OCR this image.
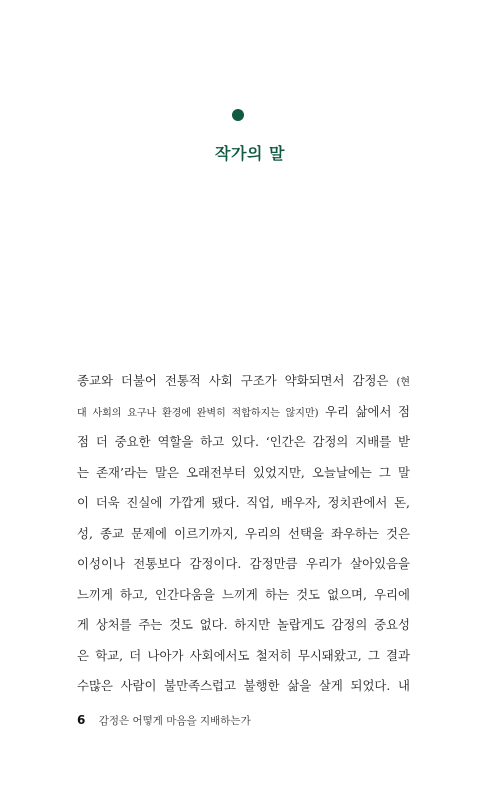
작가의 말
종교와 더불어 전통적 사회 구조가 약화되면서 감정은 (현
대 사회의 요구나 환경에 완벽히 적합하지는 않지만) 우리 삶에서 점
점 더 중요한 역할을 하고 있다. ‘인간은 감정의 지배를 받
는 존재’라는 말은 오래전부터 있었지만, 오늘날에는 그 말
이 더욱 진실에 가깝게 됐다. 직업, 배우자, 정치관에서 돈,
성, 종교 문제에 이르기까지, 우리의 선택을 좌우하는 것은
이성이나 전통보다 감정이다. 감정만큼 우리가 살아있음을
느끼게 하고, 인간다움을 느끼게 하는 것도 없으며, 우리에
게 상처를 주는 것도 없다. 하지만 놀랍게도 감정의 중요성
은 학교, 더 나아가 사회에서도 철저히 무시돼왔고, 그 결과
수많은 사람이 불만족스럽고 불행한 삶을 살게 되었다. 내
6 감정은 어떻게 마음을 지배하는가
